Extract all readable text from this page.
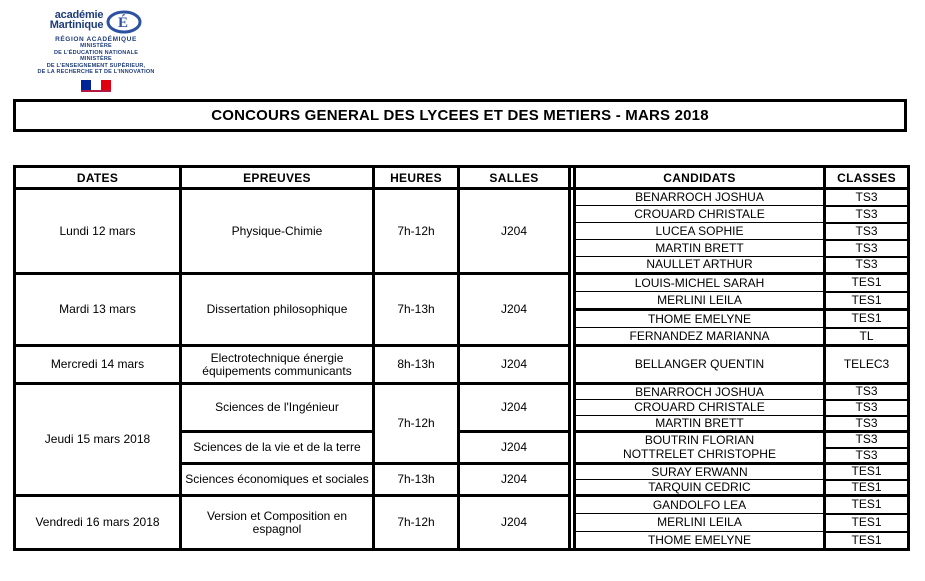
académie
Martinique É
RÉGION ACADÉMIQUE
MINISTÈRE
DE L'ÉDUCATION NATIONALE
MINISTÈRE
DE L'ENSEIGNEMENT SUPÉRIEUR,
DE LA RECHERCHE ET DE L'INNOVATION
CONCOURS GENERAL DES LYCEES ET DES METIERS - MARS 2018
DATES	EPREUVES	HEURES	SALLES		CANDIDATS	CLASSES
Lundi 12 mars	Physique-Chimie	7h-12h	J204		BENARROCH JOSHUA	TS3
					CROUARD CHRISTALE	TS3
					LUCEA SOPHIE	TS3
					MARTIN BRETT	TS3
					NAULLET ARTHUR	TS3
Mardi 13 mars	Dissertation philosophique	7h-13h	J204		LOUIS-MICHEL SARAH	TES1
					MERLINI LEILA	TES1
					THOME EMELYNE	TES1
					FERNANDEZ MARIANNA	TL
Mercredi 14 mars	Electrotechnique énergie équipements communicants	8h-13h	J204		BELLANGER QUENTIN	TELEC3
Jeudi 15 mars 2018	Sciences de l'Ingénieur	7h-12h	J204		BENARROCH JOSHUA	TS3
					CROUARD CHRISTALE	TS3
					MARTIN BRETT	TS3
	Sciences de la vie et de la terre		J204		BOUTRIN FLORIAN	TS3
					NOTTRELET CHRISTOPHE	TS3
	Sciences économiques et sociales	7h-13h	J204		SURAY ERWANN	TES1
					TARQUIN CEDRIC	TES1
Vendredi 16 mars 2018	Version et Composition en espagnol	7h-12h	J204		GANDOLFO LEA	TES1
					MERLINI LEILA	TES1
					THOME EMELYNE	TES1
